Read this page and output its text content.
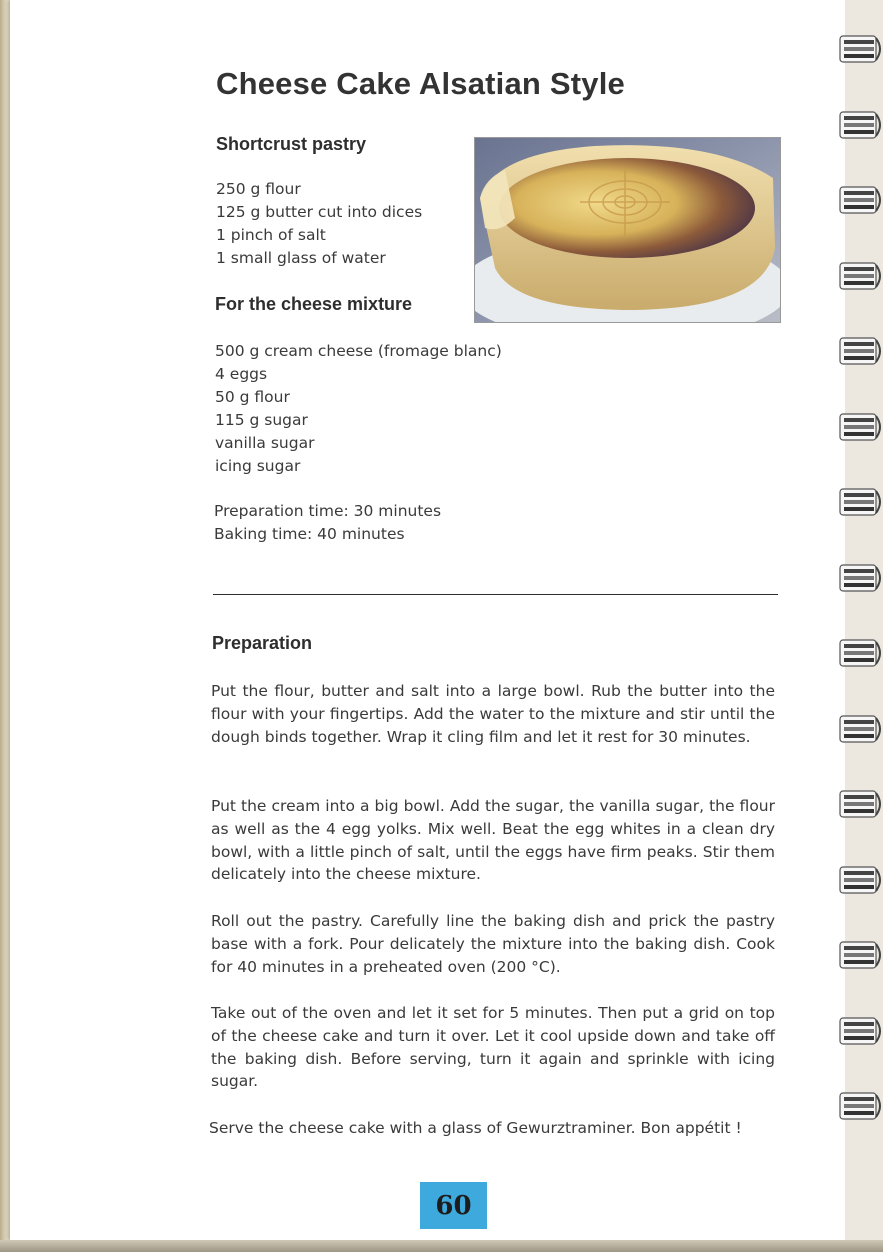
Cheese Cake Alsatian Style
Shortcrust pastry
250 g flour
125 g butter cut into dices
1 pinch of salt
1 small glass of water
For the cheese mixture
500 g cream cheese (fromage blanc)
4 eggs
50 g flour
115 g sugar
vanilla sugar
icing sugar
Preparation time: 30 minutes
Baking time: 40 minutes
Preparation

Put the flour, butter and salt into a large bowl. Rub the butter into the flour with your fingertips. Add the water to the mixture and stir until the dough binds together. Wrap it cling film and let it rest for 30 minutes.

Put the cream into a big bowl. Add the sugar, the vanilla sugar, the flour as well as the 4 egg yolks. Mix well. Beat the egg whites in a clean dry bowl, with a little pinch of salt, until the eggs have firm peaks. Stir them delicately into the cheese mixture.

Roll out the pastry. Carefully line the baking dish and prick the pastry base with a fork. Pour delicately the mixture into the baking dish. Cook for 40 minutes in a preheated oven (200 °C).

Take out of the oven and let it set for 5 minutes. Then put a grid on top of the cheese cake and turn it over. Let it cool upside down and take off the baking dish. Before serving, turn it again and sprinkle with icing sugar.

Serve the cheese cake with a glass of Gewurztraminer. Bon appétit !

60
